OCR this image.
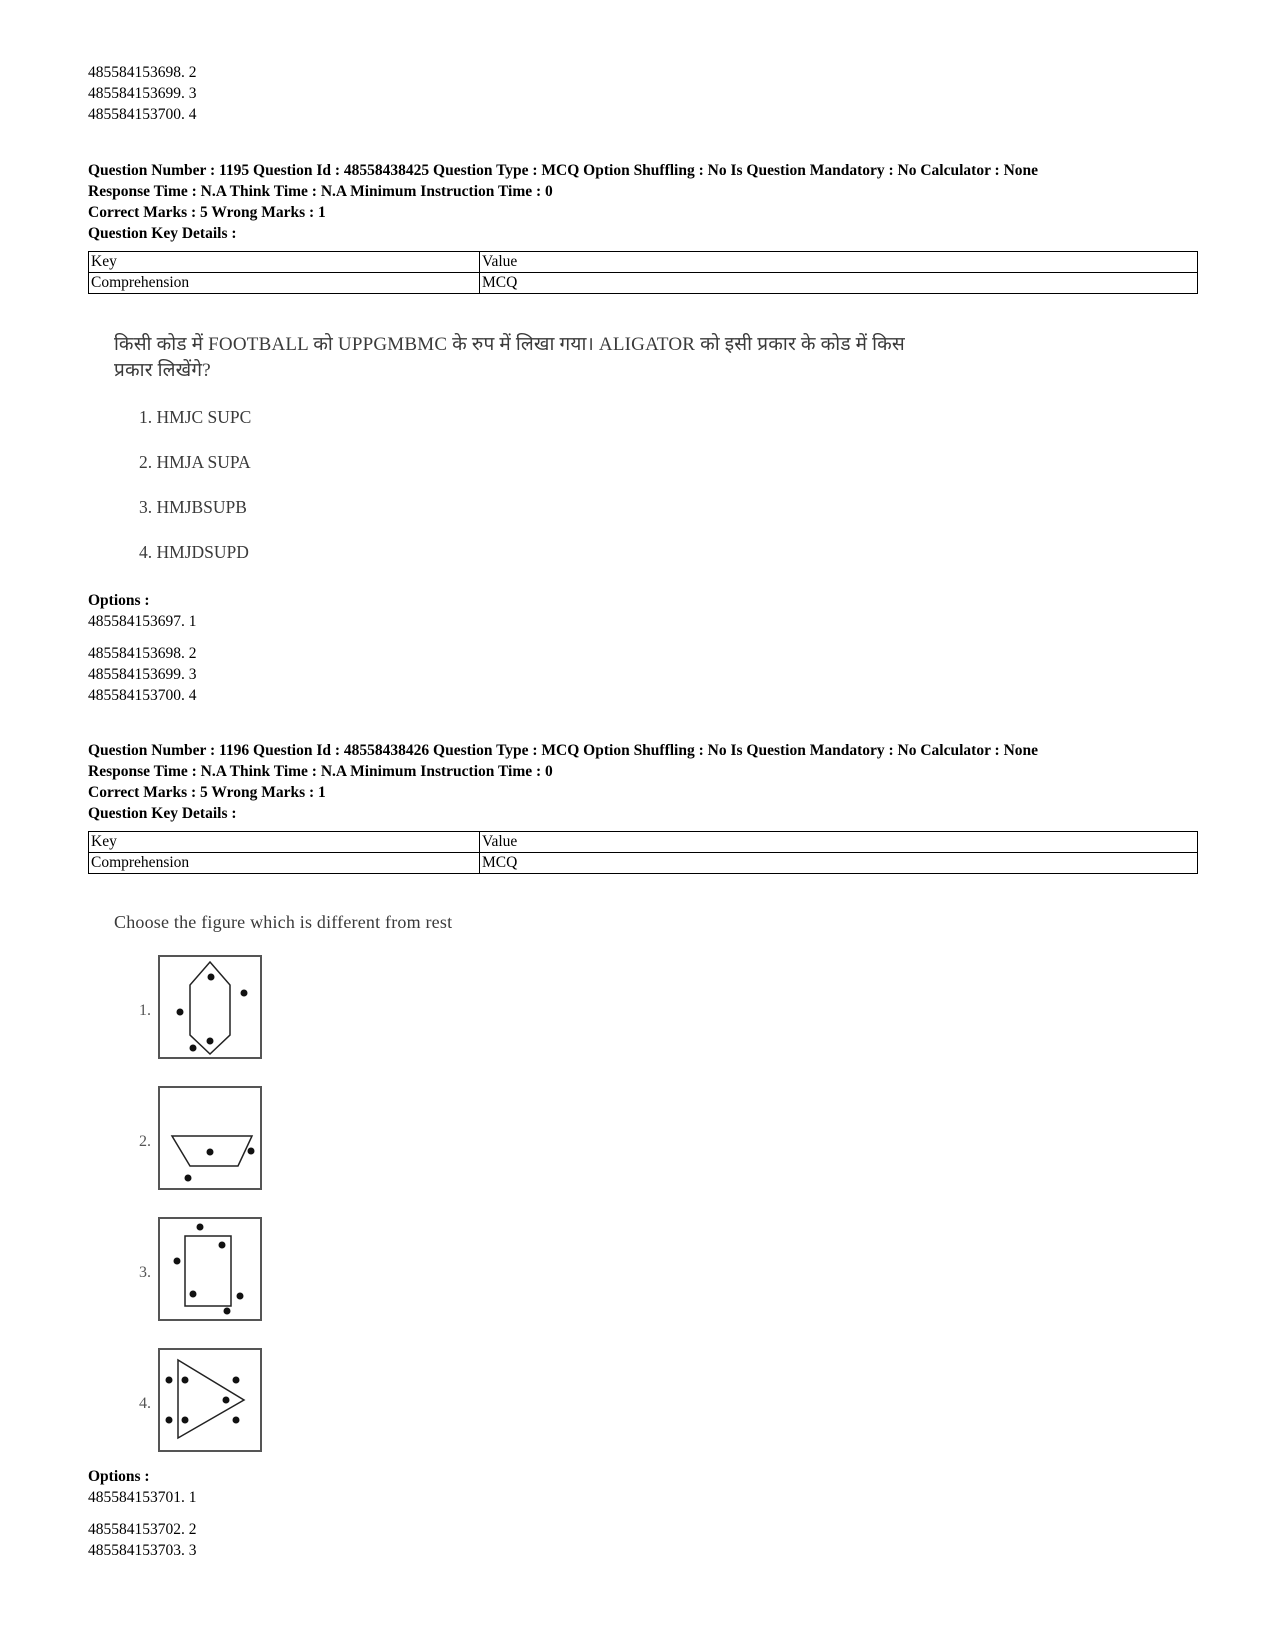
485584153698. 2
485584153699. 3
485584153700. 4
Question Number : 1195 Question Id : 48558438425 Question Type : MCQ Option Shuffling : No Is Question Mandatory : No Calculator : None
Response Time : N.A Think Time : N.A Minimum Instruction Time : 0
Correct Marks : 5 Wrong Marks : 1
Question Key Details :
Key	Value
Comprehension	MCQ
किसी कोड में FOOTBALL को UPPGMBMC के रुप में लिखा गया। ALIGATOR को इसी प्रकार के कोड में किस
प्रकार लिखेंगे?
1. HMJC SUPC
2. HMJA SUPA
3. HMJBSUPB
4. HMJDSUPD
Options :
485584153697. 1
485584153698. 2
485584153699. 3
485584153700. 4
Question Number : 1196 Question Id : 48558438426 Question Type : MCQ Option Shuffling : No Is Question Mandatory : No Calculator : None
Response Time : N.A Think Time : N.A Minimum Instruction Time : 0
Correct Marks : 5 Wrong Marks : 1
Question Key Details :
Key	Value
Comprehension	MCQ
Choose the figure which is different from rest
1.
2.
3.
4.
Options :
485584153701. 1
485584153702. 2
485584153703. 3
